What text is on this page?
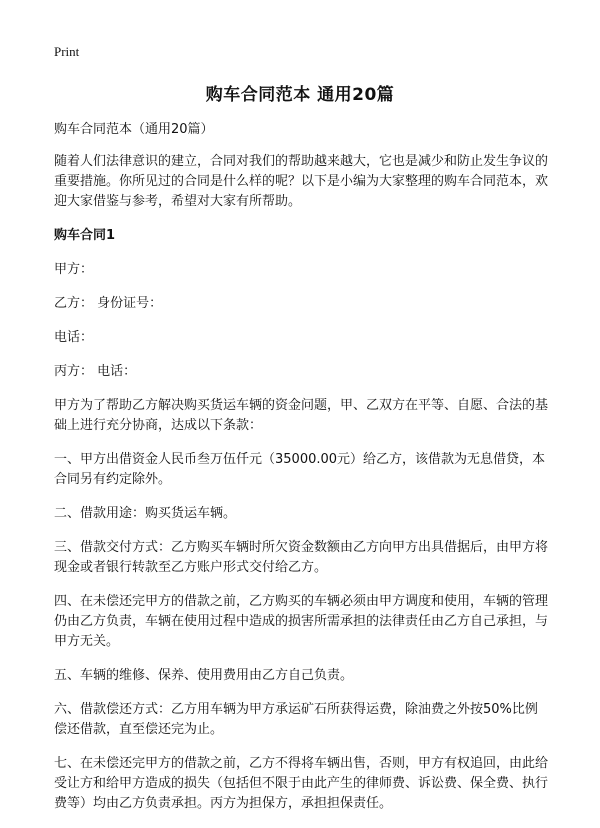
Print
购车合同范本 通用20篇

购车合同范本（通用20篇）

随着人们法律意识的建立，合同对我们的帮助越来越大，它也是减少和防止发生争议的重要措施。你所见过的合同是什么样的呢？以下是小编为大家整理的购车合同范本，欢迎大家借鉴与参考，希望对大家有所帮助。

购车合同1

甲方：

乙方： 身份证号：

电话：

丙方： 电话：

甲方为了帮助乙方解决购买货运车辆的资金问题，甲、乙双方在平等、自愿、合法的基础上进行充分协商，达成以下条款：

一、甲方出借资金人民币叁万伍仟元（35000.00元）给乙方，该借款为无息借贷，本合同另有约定除外。

二、借款用途：购买货运车辆。

三、借款交付方式：乙方购买车辆时所欠资金数额由乙方向甲方出具借据后，由甲方将现金或者银行转款至乙方账户形式交付给乙方。

四、在未偿还完甲方的借款之前，乙方购买的车辆必须由甲方调度和使用，车辆的管理仍由乙方负责，车辆在使用过程中造成的损害所需承担的法律责任由乙方自己承担，与甲方无关。

五、车辆的维修、保养、使用费用由乙方自己负责。

六、借款偿还方式：乙方用车辆为甲方承运矿石所获得运费，除油费之外按50%比例偿还借款，直至偿还完为止。

七、在未偿还完甲方的借款之前，乙方不得将车辆出售，否则，甲方有权追回，由此给受让方和给甲方造成的损失（包括但不限于由此产生的律师费、诉讼费、保全费、执行费等）均由乙方负责承担。丙方为担保方，承担担保责任。
